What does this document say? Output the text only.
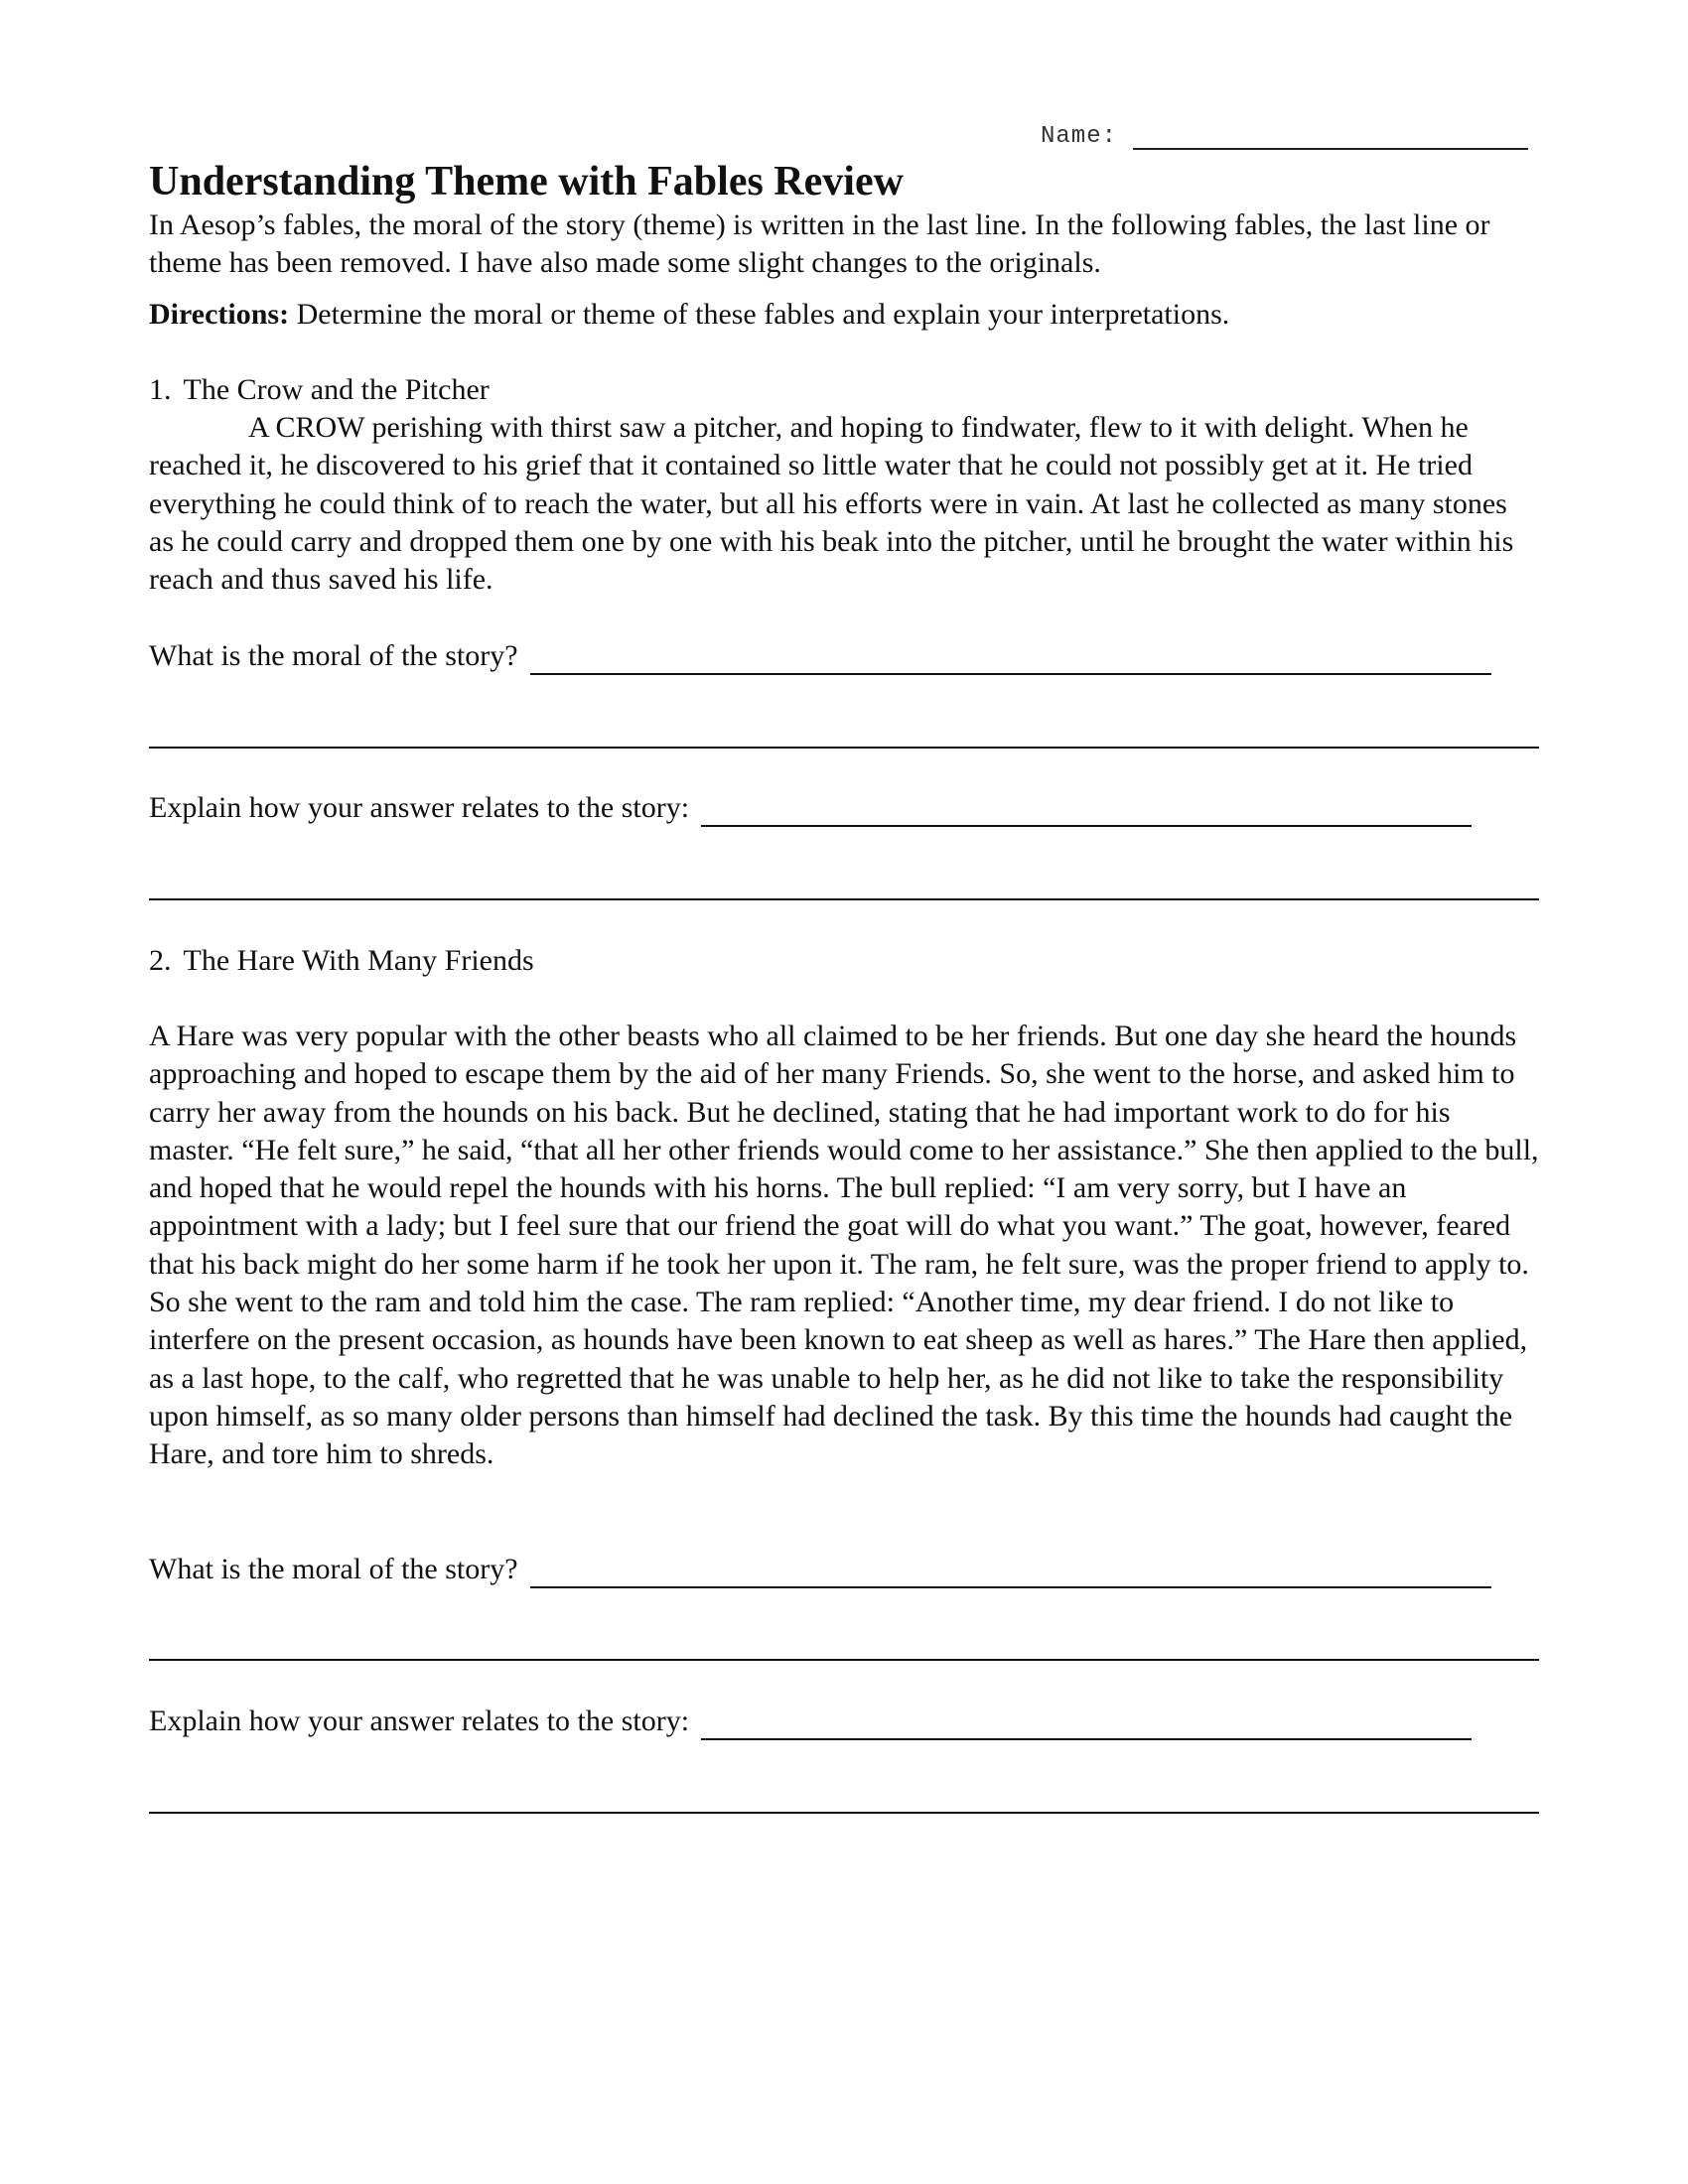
Name:
Understanding Theme with Fables Review

In Aesop’s fables, the moral of the story (theme) is written in the last line. In the following fables, the last line or theme has been removed. I have also made some slight changes to the originals.

Directions: Determine the moral or theme of these fables and explain your interpretations.

1. The Crow and the Pitcher

A CROW perishing with thirst saw a pitcher, and hoping to findwater, flew to it with delight. When he reached it, he discovered to his grief that it contained so little water that he could not possibly get at it. He tried everything he could think of to reach the water, but all his efforts were in vain. At last he collected as many stones as he could carry and dropped them one by one with his beak into the pitcher, until he brought the water within his reach and thus saved his life.

What is the moral of the story?
Explain how your answer relates to the story:

2. The Hare With Many Friends

A Hare was very popular with the other beasts who all claimed to be her friends. But one day she heard the hounds approaching and hoped to escape them by the aid of her many Friends. So, she went to the horse, and asked him to carry her away from the hounds on his back. But he declined, stating that he had important work to do for his master. “He felt sure,” he said, “that all her other friends would come to her assistance.” She then applied to the bull, and hoped that he would repel the hounds with his horns. The bull replied: “I am very sorry, but I have an appointment with a lady; but I feel sure that our friend the goat will do what you want.” The goat, however, feared that his back might do her some harm if he took her upon it. The ram, he felt sure, was the proper friend to apply to. So she went to the ram and told him the case. The ram replied: “Another time, my dear friend. I do not like to interfere on the present occasion, as hounds have been known to eat sheep as well as hares.” The Hare then applied, as a last hope, to the calf, who regretted that he was unable to help her, as he did not like to take the responsibility upon himself, as so many older persons than himself had declined the task. By this time the hounds had caught the Hare, and tore him to shreds.

What is the moral of the story?
Explain how your answer relates to the story:
